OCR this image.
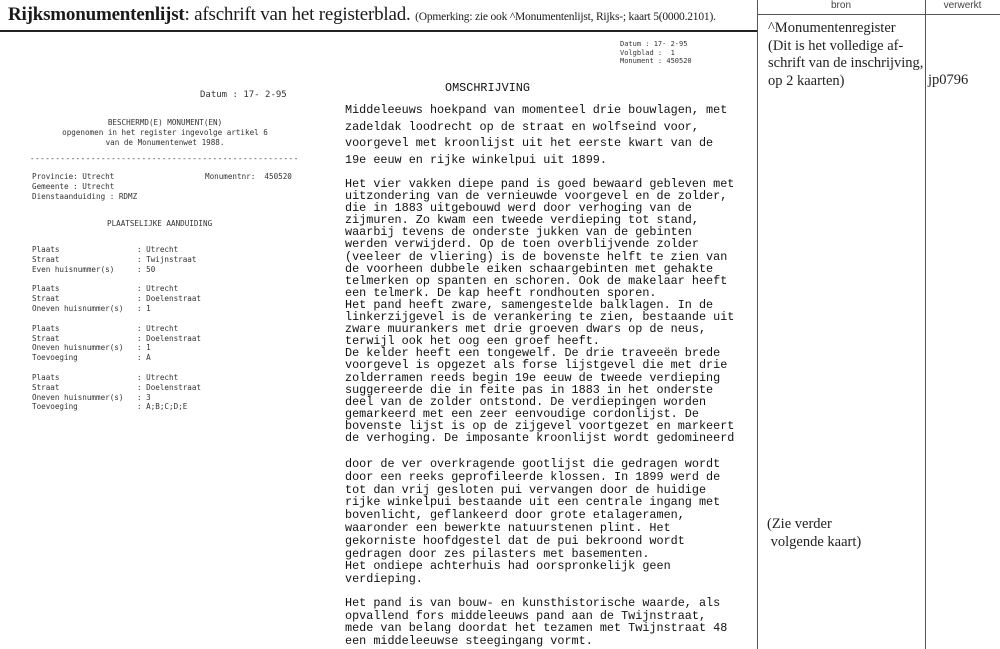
Rijksmonumentenlijst: afschrift van het registerblad. (Opmerking: zie ook ^Monumentenlijst, Rijks-; kaart 5(0000.2101).
bron	verwerkt
^Monumentenregister
(Dit is het volledige af-
schrift van de inschrijving,
op 2 kaarten)	jp0796
(Zie verder
volgende kaart)
Datum : 17- 2-95
Volgblad :  1
Monument : 450520
Datum : 17- 2-95
BESCHERMD(E) MONUMENT(EN)
opgenomen in het register ingevolge artikel 6
van de Monumentenwet 1988.
-----------------------------------------------------
Provincie: Utrecht	Monumentnr:  450520
Gemeente : Utrecht
Dienstaanduiding : RDMZ
PLAATSELIJKE AANDUIDING
Plaats	: Utrecht
Straat	: Twijnstraat
Even huisnummer(s)	: 50
Plaats	: Utrecht
Straat	: Doelenstraat
Oneven huisnummer(s)	: 1
Plaats	: Utrecht
Straat	: Doelenstraat
Oneven huisnummer(s)	: 1
Toevoeging	: A
Plaats	: Utrecht
Straat	: Doelenstraat
Oneven huisnummer(s)	: 3
Toevoeging	: A;B;C;D;E
OMSCHRIJVING
Middeleeuws hoekpand van momenteel drie bouwlagen, met
zadeldak loodrecht op de straat en wolfseind voor,
voorgevel met kroonlijst uit het eerste kwart van de
19e eeuw en rijke winkelpui uit 1899.
Het vier vakken diepe pand is goed bewaard gebleven met
uitzondering van de vernieuwde voorgevel en de zolder,
die in 1883 uitgebouwd werd door verhoging van de
zijmuren. Zo kwam een tweede verdieping tot stand,
waarbij tevens de onderste jukken van de gebinten
werden verwijderd. Op de toen overblijvende zolder
(veeleer de vliering) is de bovenste helft te zien van
de voorheen dubbele eiken schaargebinten met gehakte
telmerken op spanten en schoren. Ook de makelaar heeft
een telmerk. De kap heeft rondhouten sporen.
Het pand heeft zware, samengestelde balklagen. In de
linkerzijgevel is de verankering te zien, bestaande uit
zware muurankers met drie groeven dwars op de neus,
terwijl ook het oog een groef heeft.
De kelder heeft een tongewelf. De drie traveeën brede
voorgevel is opgezet als forse lijstgevel die met drie
zolderramen reeds begin 19e eeuw de tweede verdieping
suggereerde die in feite pas in 1883 in het onderste
deel van de zolder ontstond. De verdiepingen worden
gemarkeerd met een zeer eenvoudige cordonlijst. De
bovenste lijst is op de zijgevel voortgezet en markeert
de verhoging. De imposante kroonlijst wordt gedomineerd
door de ver overkragende gootlijst die gedragen wordt
door een reeks geprofileerde klossen. In 1899 werd de
tot dan vrij gesloten pui vervangen door de huidige
rijke winkelpui bestaande uit een centrale ingang met
bovenlicht, geflankeerd door grote etalageramen,
waaronder een bewerkte natuurstenen plint. Het
gekorniste hoofdgestel dat de pui bekroond wordt
gedragen door zes pilasters met basementen.
Het ondiepe achterhuis had oorspronkelijk geen
verdieping.
Het pand is van bouw- en kunsthistorische waarde, als
opvallend fors middeleeuws pand aan de Twijnstraat,
mede van belang doordat het tezamen met Twijnstraat 48
een middeleeuwse steegingang vormt.
